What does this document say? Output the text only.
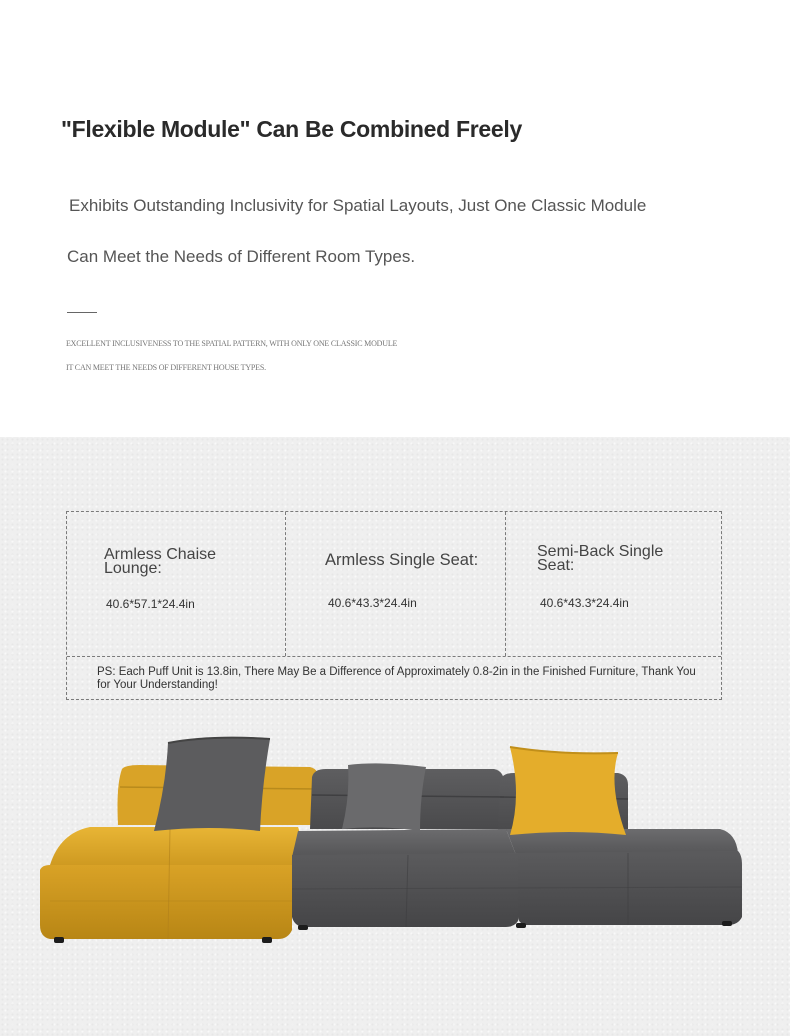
"Flexible Module" Can Be Combined Freely

Exhibits Outstanding Inclusivity for Spatial Layouts, Just One Classic Module

Can Meet the Needs of Different Room Types.

EXCELLENT INCLUSIVENESS TO THE SPATIAL PATTERN, WITH ONLY ONE CLASSIC MODULE

IT CAN MEET THE NEEDS OF DIFFERENT HOUSE TYPES.

Armless Chaise Lounge:

40.6*57.1*24.4in

Armless Single Seat:

40.6*43.3*24.4in

Semi-Back Single Seat:

40.6*43.3*24.4in

PS: Each Puff Unit is 13.8in, There May Be a Difference of Approximately 0.8-2in in the Finished Furniture, Thank You for Your Understanding!
